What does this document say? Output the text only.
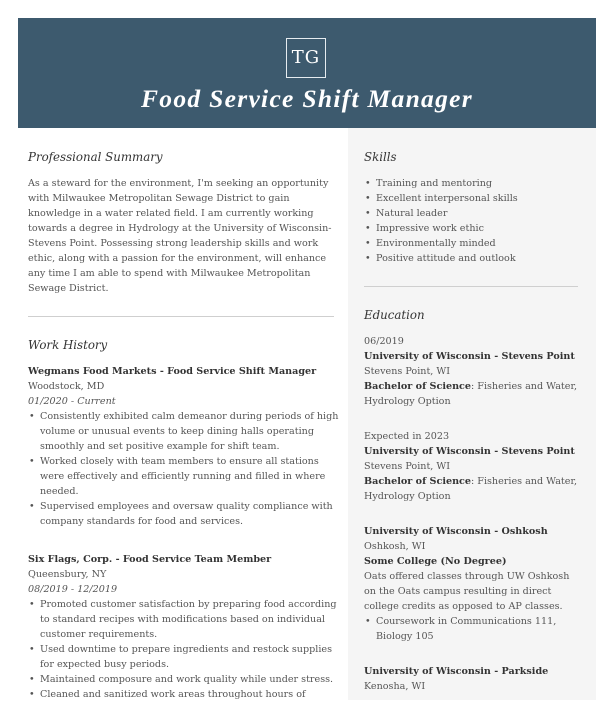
TG
Food Service Shift Manager
Professional Summary
As a steward for the environment, I'm seeking an opportunity
with Milwaukee Metropolitan Sewage District to gain
knowledge in a water related field. I am currently working
towards a degree in Hydrology at the University of Wisconsin-
Stevens Point. Possessing strong leadership skills and work
ethic, along with a passion for the environment, will enhance
any time I am able to spend with Milwaukee Metropolitan
Sewage District.
Work History
Wegmans Food Markets - Food Service Shift Manager
Woodstock, MD
01/2020 - Current
• Consistently exhibited calm demeanor during periods of high
volume or unusual events to keep dining halls operating
smoothly and set positive example for shift team.
• Worked closely with team members to ensure all stations
were effectively and efficiently running and filled in where
needed.
• Supervised employees and oversaw quality compliance with
company standards for food and services.
Six Flags, Corp. - Food Service Team Member
Queensbury, NY
08/2019 - 12/2019
• Promoted customer satisfaction by preparing food according
to standard recipes with modifications based on individual
customer requirements.
• Used downtime to prepare ingredients and restock supplies
for expected busy periods.
• Maintained composure and work quality while under stress.
• Cleaned and sanitized work areas throughout hours of
Skills
• Training and mentoring
• Excellent interpersonal skills
• Natural leader
• Impressive work ethic
• Environmentally minded
• Positive attitude and outlook
Education
06/2019
University of Wisconsin - Stevens Point
Stevens Point, WI
Bachelor of Science: Fisheries and Water,
Hydrology Option
Expected in 2023
University of Wisconsin - Stevens Point
Stevens Point, WI
Bachelor of Science: Fisheries and Water,
Hydrology Option
University of Wisconsin - Oshkosh
Oshkosh, WI
Some College (No Degree)
Oats offered classes through UW Oshkosh
on the Oats campus resulting in direct
college credits as opposed to AP classes.
• Coursework in Communications 111,
Biology 105
University of Wisconsin - Parkside
Kenosha, WI
